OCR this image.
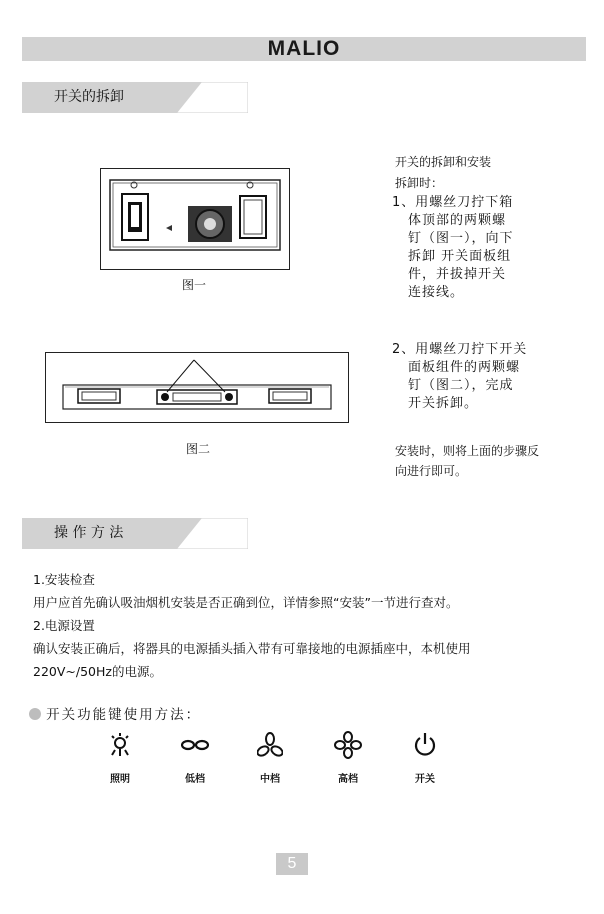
MALIO
开关的拆卸
图一
图二
开关的拆卸和安装
拆卸时：
1、用螺丝刀拧下箱
体顶部的两颗螺
钉（图一），向下
拆卸 开关面板组
件，并拔掉开关
连接线。
2、用螺丝刀拧下开关
面板组件的两颗螺
钉（图二），完成
开关拆卸。
安装时，则将上面的步骤反
向进行即可。
操 作 方 法
1.安装检查
用户应首先确认吸油烟机安装是否正确到位，详情参照“安装”一节进行查对。
2.电源设置
确认安装正确后，将器具的电源插头插入带有可靠接地的电源插座中，本机使用
220V~/50Hz的电源。
开关功能键使用方法：
照明	低档	中档	高档	开关
5
